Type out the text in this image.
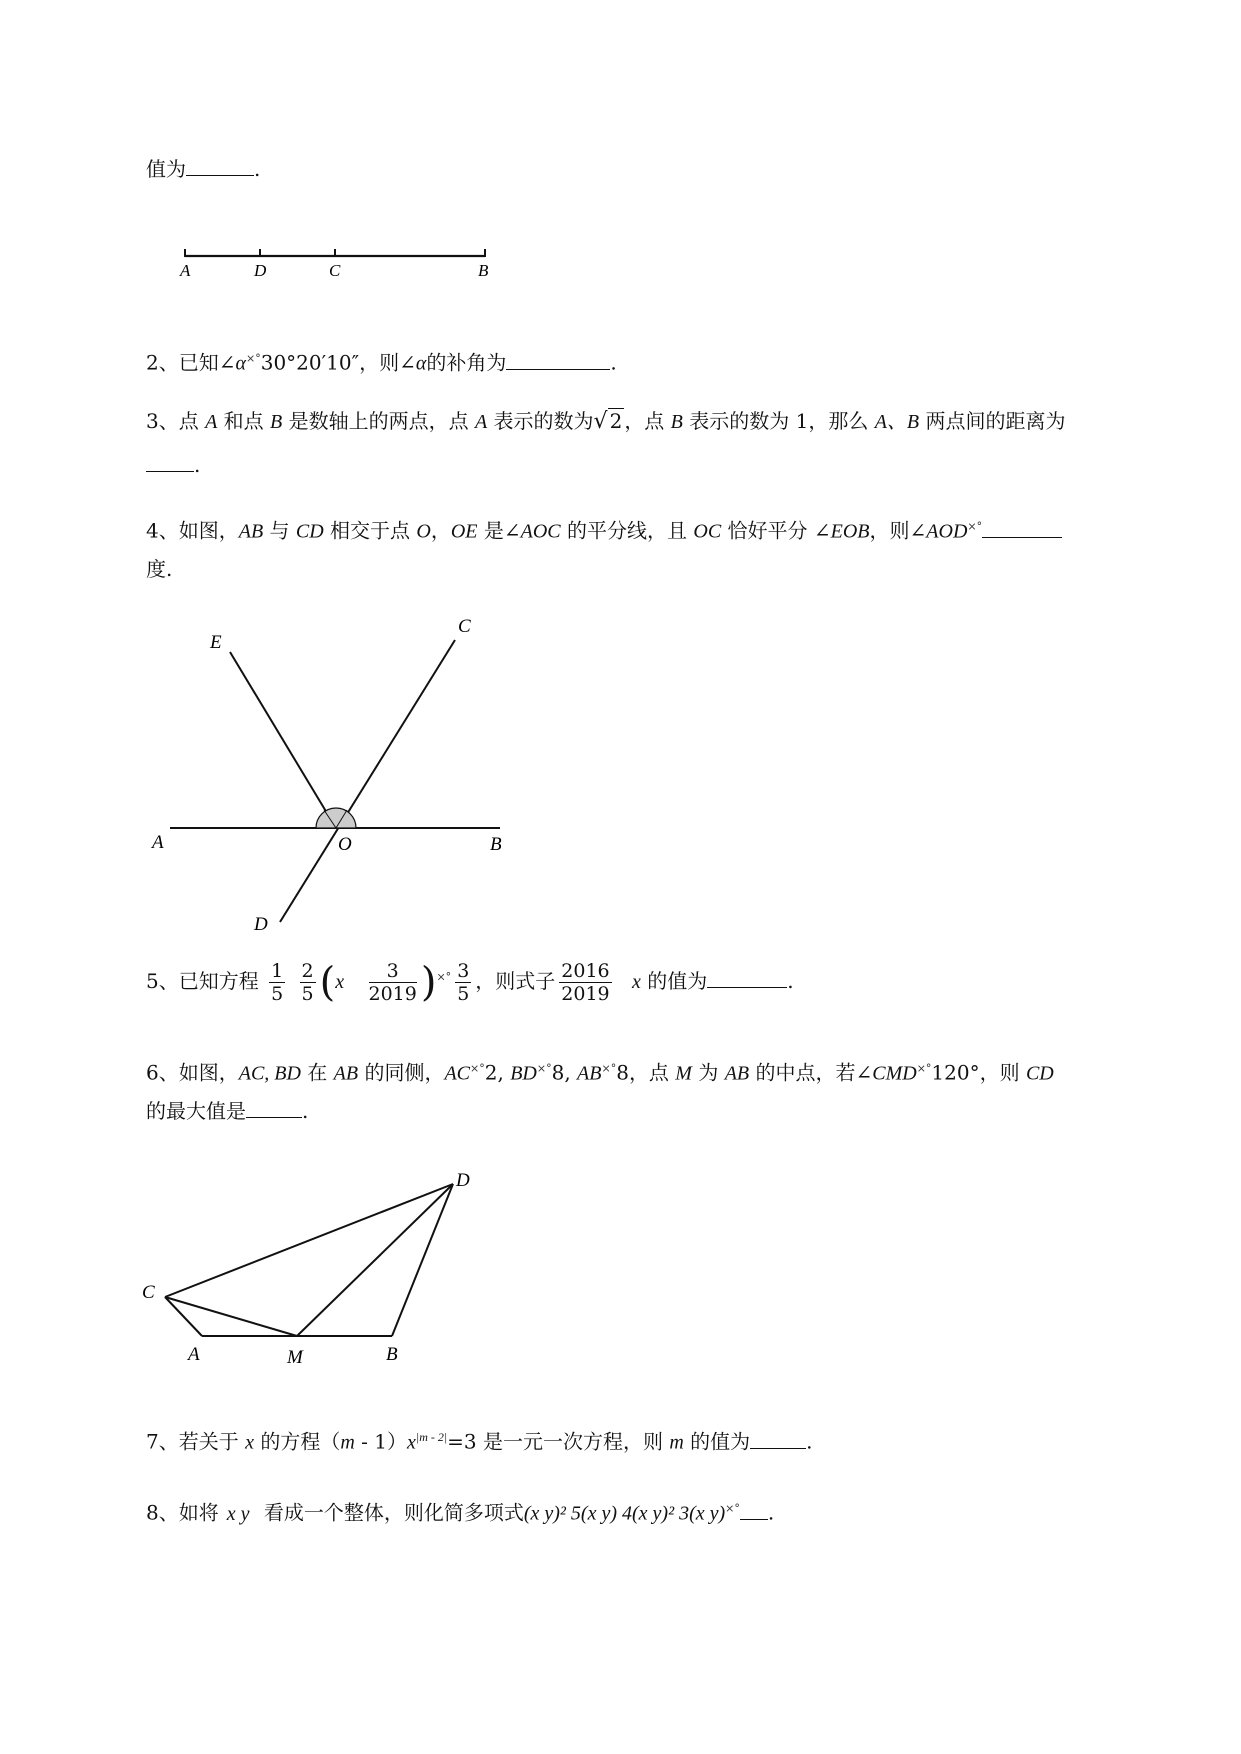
值为	.
A	D	C	B
2、已知∠α×°30°20′10″，则∠α的补角为	.
3、点 A 和点 B 是数轴上的两点，点 A 表示的数为√ 2 ，点 B 表示的数为 1，那么 A、B 两点间的距离为
.
4、如图，AB 与 CD 相交于点 O，OE 是∠AOC 的平分线，且 OC 恰好平分 ∠EOB，则∠AOD×°
度.
E
C
A	O	B
D
5、已知方程 $\frac{1}{5}$
$\frac{2}{5} (x \frac{3}{2019} )^{\times^\circ} \frac{3}{5}$ ，则式子 $\frac{2016}{2019}$ x 的值为	.
6、如图，AC, BD 在 AB 的同侧，AC×°2, BD×°8, AB×°8，点 M 为 AB 的中点，若∠CMD×°120°，则 CD
的最大值是	.
D
C
A	M	B
7、若关于 x 的方程$(m - 1)x^{|m - 2|}=3$ 是一元一次方程，则 m 的值为	.
8、如将 x y 看成一个整体，则化简多项式(x y)² 5(x y) 4(x y)² 3(x y)×° .
